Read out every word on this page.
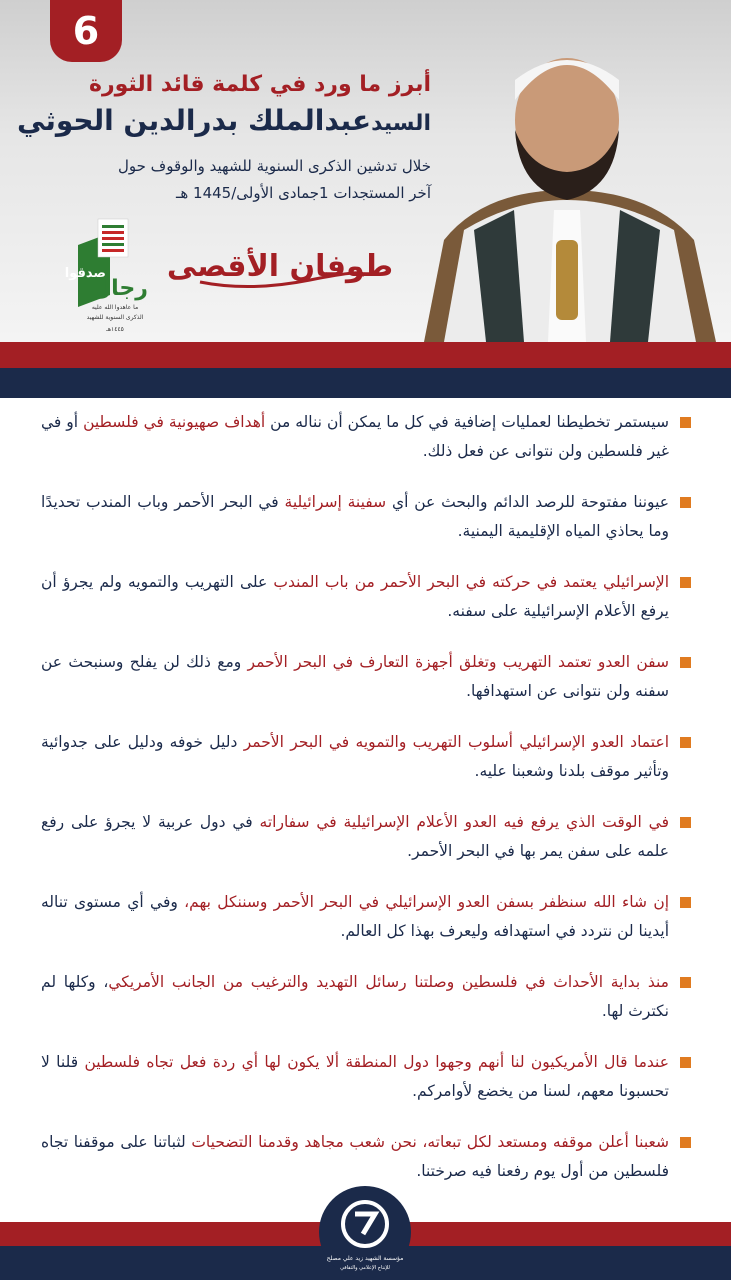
6
أبرز ما ورد في كلمة قائد الثورة
السيدعبدالملك بدرالدين الحوثي
خلال تدشين الذكرى السنوية للشهيد والوقوف حول
آخر المستجدات 1جمادى الأولى/1445 هـ
صدقوا
رجال
ما عاهدوا الله عليه
الذكرى السنوية للشهيد
١٤٤٥هـ
طوفان الأقصى
سيستمر تخطيطنا لعمليات إضافية في كل ما يمكن أن نناله من أهداف صهيونية في فلسطين أو في غير فلسطين ولن نتوانى عن فعل ذلك.
عيوننا مفتوحة للرصد الدائم والبحث عن أي سفينة إسرائيلية في البحر الأحمر وباب المندب تحديدًا وما يحاذي المياه الإقليمية اليمنية.
الإسرائيلي يعتمد في حركته في البحر الأحمر من باب المندب على التهريب والتمويه ولم يجرؤ أن يرفع الأعلام الإسرائيلية على سفنه.
سفن العدو تعتمد التهريب وتغلق أجهزة التعارف في البحر الأحمر ومع ذلك لن يفلح وسنبحث عن سفنه ولن نتوانى عن استهدافها.
اعتماد العدو الإسرائيلي أسلوب التهريب والتمويه في البحر الأحمر دليل خوفه ودليل على جدوائية وتأثير موقف بلدنا وشعبنا عليه.
في الوقت الذي يرفع فيه العدو الأعلام الإسرائيلية في سفاراته في دول عربية لا يجرؤ على رفع علمه على سفن يمر بها في البحر الأحمر.
إن شاء الله سنظفر بسفن العدو الإسرائيلي في البحر الأحمر وسننكل بهم، وفي أي مستوى تناله أيدينا لن نتردد في استهدافه وليعرف بهذا كل العالم.
منذ بداية الأحداث في فلسطين وصلتنا رسائل التهديد والترغيب من الجانب الأمريكي، وكلها لم نكترث لها.
عندما قال الأمريكيون لنا أنهم وجهوا دول المنطقة ألا يكون لها أي ردة فعل تجاه فلسطين قلنا لا تحسبونا معهم، لسنا من يخضع لأوامركم.
شعبنا أعلن موقفه ومستعد لكل تبعاته، نحن شعب مجاهد وقدمنا التضحيات لثباتنا على موقفنا تجاه فلسطين من أول يوم رفعنا فيه صرختنا.
مؤسسة الشهيد زيد علي مصلح
للإنتاج الإعلامي والثقافي
